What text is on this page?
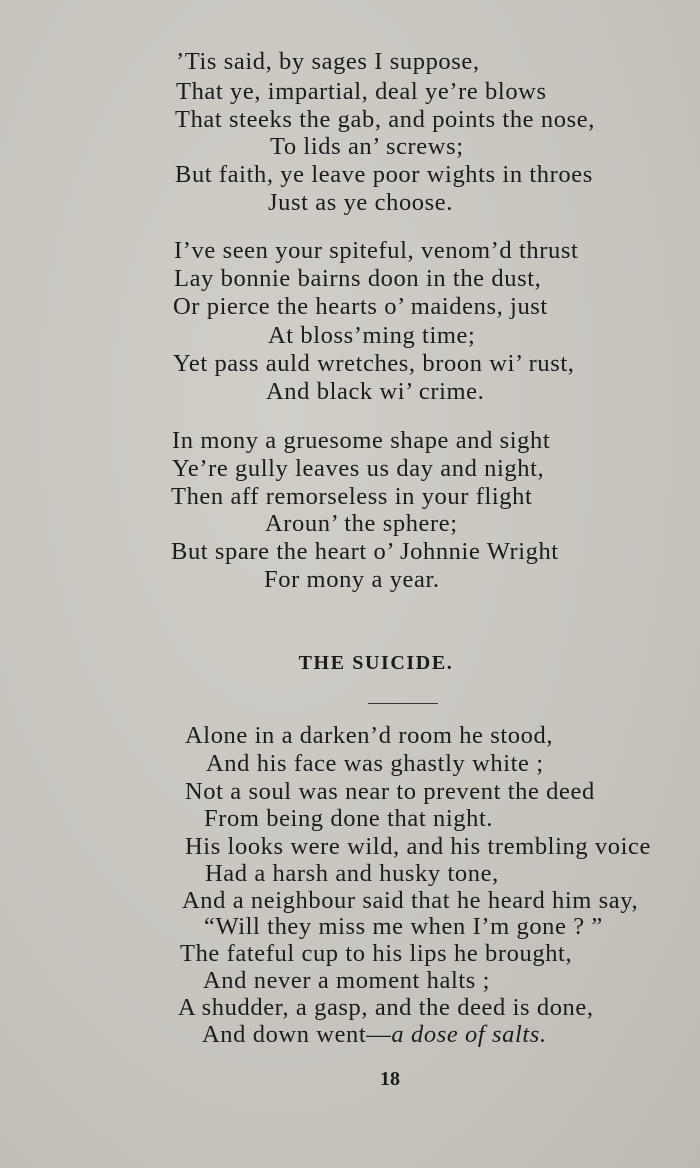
’Tis said, by sages I suppose,

That ye, impartial, deal ye’re blows

That steeks the gab, and points the nose,

To lids an’ screws;

But faith, ye leave poor wights in throes

Just as ye choose.

I’ve seen your spiteful, venom’d thrust

Lay bonnie bairns doon in the dust,

Or pierce the hearts o’ maidens, just

At bloss’ming time;

Yet pass auld wretches, broon wi’ rust,

And black wi’ crime.

In mony a gruesome shape and sight

Ye’re gully leaves us day and night,

Then aff remorseless in your flight

Aroun’ the sphere;

But spare the heart o’ Johnnie Wright

For mony a year.

THE SUICIDE.

Alone in a darken’d room he stood,

And his face was ghastly white ;

Not a soul was near to prevent the deed

From being done that night.

His looks were wild, and his trembling voice

Had a harsh and husky tone,

And a neighbour said that he heard him say,

“Will they miss me when I’m gone ? ”

The fateful cup to his lips he brought,

And never a moment halts ;

A shudder, a gasp, and the deed is done,

And down went—a dose of salts.

18
